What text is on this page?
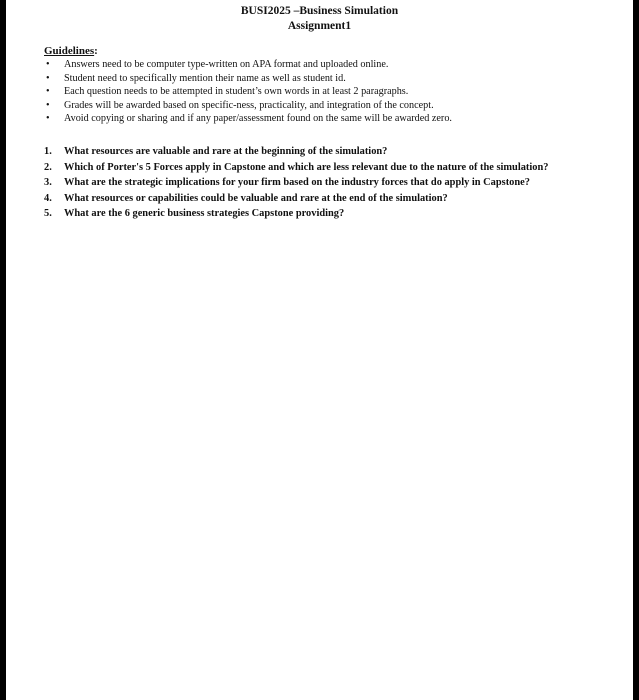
BUSI2025 –Business Simulation
Assignment1
Guidelines:
• Answers need to be computer type-written on APA format and uploaded online.
• Student need to specifically mention their name as well as student id.
• Each question needs to be attempted in student’s own words in at least 2 paragraphs.
• Grades will be awarded based on specific-ness, practicality, and integration of the concept.
• Avoid copying or sharing and if any paper/assessment found on the same will be awarded zero.
1. What resources are valuable and rare at the beginning of the simulation?
2. Which of Porter's 5 Forces apply in Capstone and which are less relevant due to the nature of the simulation?
3. What are the strategic implications for your firm based on the industry forces that do apply in Capstone?
4. What resources or capabilities could be valuable and rare at the end of the simulation?
5. What are the 6 generic business strategies Capstone providing?
